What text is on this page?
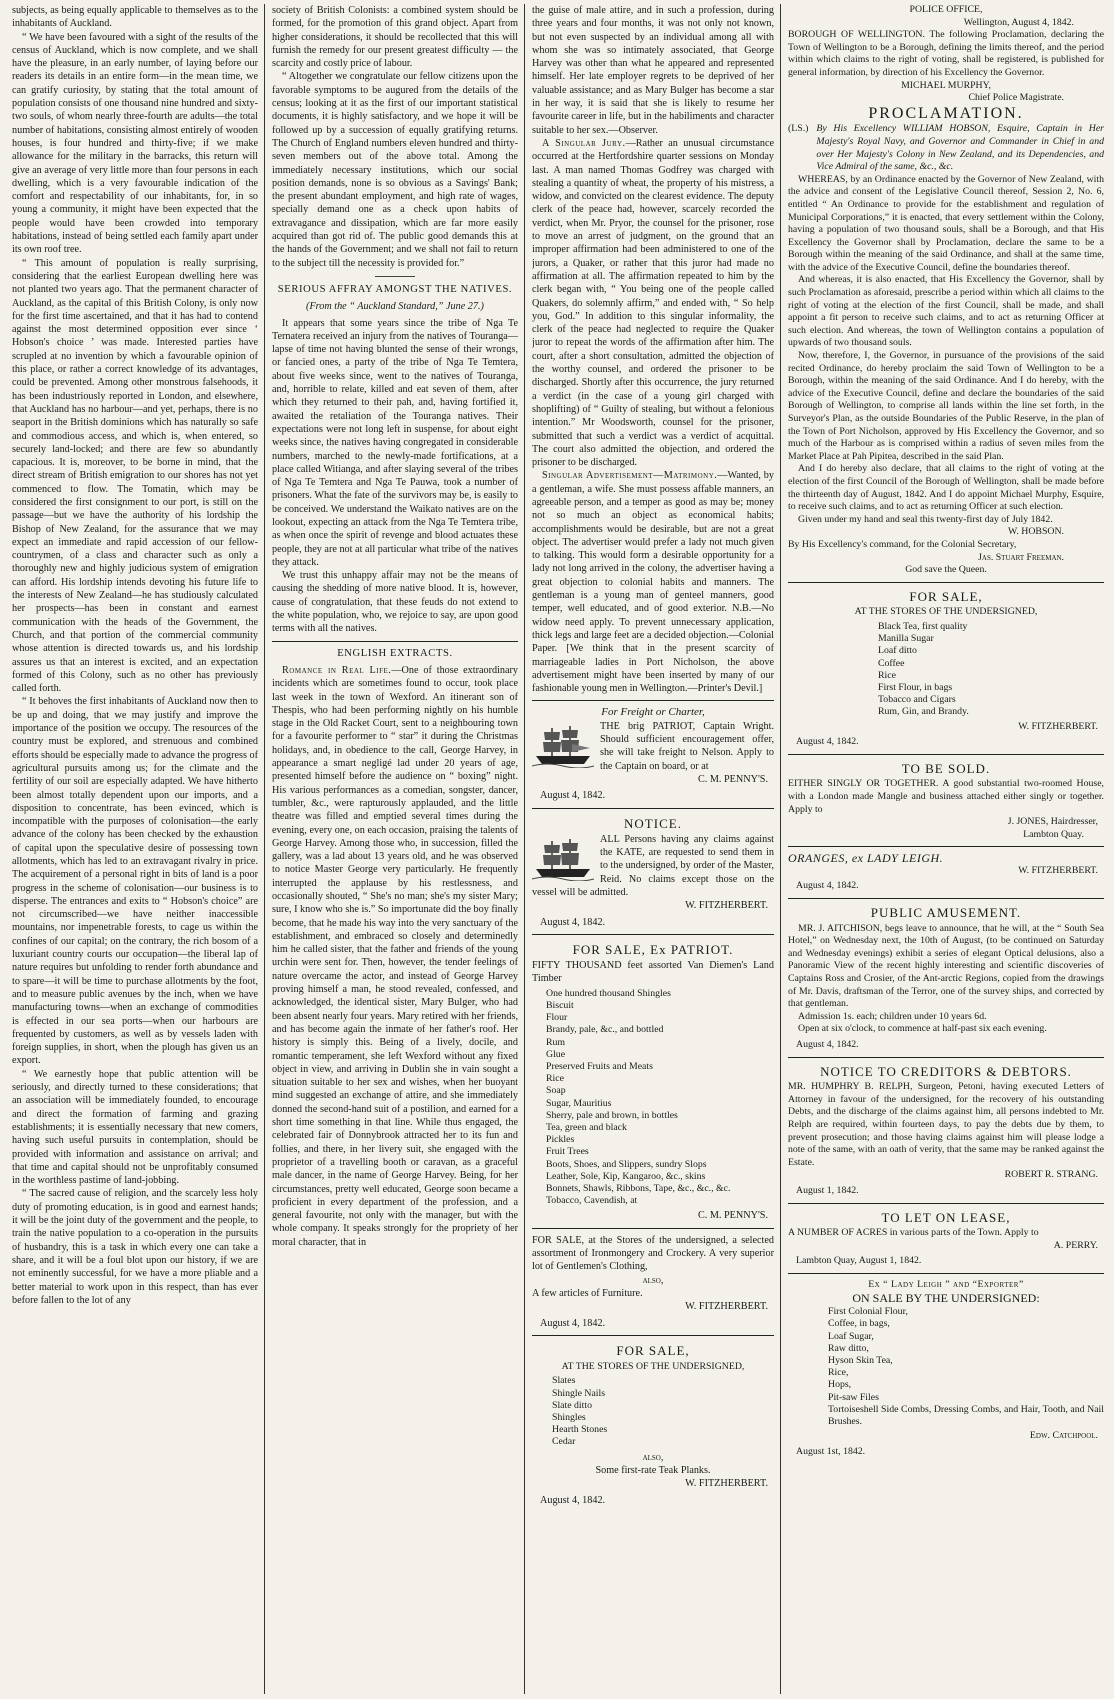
subjects, as being equally applicable to themselves as to the inhabitants of Auckland.

“ We have been favoured with a sight of the results of the census of Auckland, which is now complete, and we shall have the pleasure, in an early number, of laying before our readers its details in an entire form—in the mean time, we can gratify curiosity, by stating that the total amount of population consists of one thousand nine hundred and sixty-two souls, of whom nearly three-fourth are adults—the total number of habitations, consisting almost entirely of wooden houses, is four hundred and thirty-five; if we make allowance for the military in the barracks, this return will give an average of very little more than four persons in each dwelling, which is a very favourable indication of the comfort and respectability of our inhabitants, for, in so young a community, it might have been expected that the people would have been crowded into temporary habitations, instead of being settled each family apart under its own roof tree.

“ This amount of population is really surprising, considering that the earliest European dwelling here was not planted two years ago. That the permanent character of Auckland, as the capital of this British Colony, is only now for the first time ascertained, and that it has had to contend against the most determined opposition ever since ‘ Hobson's choice ’ was made. Interested parties have scrupled at no invention by which a favourable opinion of this place, or rather a correct knowledge of its advantages, could be prevented. Among other monstrous falsehoods, it has been industriously reported in London, and elsewhere, that Auckland has no harbour—and yet, perhaps, there is no seaport in the British dominions which has naturally so safe and commodious access, and which is, when entered, so securely land-locked; and there are few so abundantly capacious. It is, moreover, to be borne in mind, that the direct stream of British emigration to our shores has not yet commenced to flow. The Tomatin, which may be considered the first consignment to our port, is still on the passage—but we have the authority of his lordship the Bishop of New Zealand, for the assurance that we may expect an immediate and rapid accession of our fellow-countrymen, of a class and character such as only a thoroughly new and highly judicious system of emigration can afford. His lordship intends devoting his future life to the interests of New Zealand—he has studiously calculated her prospects—has been in constant and earnest communication with the heads of the Government, the Church, and that portion of the commercial community whose attention is directed towards us, and his lordship assures us that an interest is excited, and an expectation formed of this Colony, such as no other has previously called forth.

“ It behoves the first inhabitants of Auckland now then to be up and doing, that we may justify and improve the importance of the position we occupy. The resources of the country must be explored, and strenuous and combined efforts should be especially made to advance the progress of agricultural pursuits among us; for the climate and the fertility of our soil are especially adapted. We have hitherto been almost totally dependent upon our imports, and a disposition to concentrate, has been evinced, which is incompatible with the purposes of colonisation—the early advance of the colony has been checked by the exhaustion of capital upon the speculative desire of possessing town allotments, which has led to an extravagant rivalry in price. The acquirement of a personal right in bits of land is a poor progress in the scheme of colonisation—our business is to disperse. The entrances and exits to “ Hobson's choice” are not circumscribed—we have neither inaccessible mountains, nor impenetrable forests, to cage us within the confines of our capital; on the contrary, the rich bosom of a luxuriant country courts our occupation—the liberal lap of nature requires but unfolding to render forth abundance and to spare—it will be time to purchase allotments by the foot, and to measure public avenues by the inch, when we have manufacturing towns—when an exchange of commodities is effected in our sea ports—when our harbours are frequented by customers, as well as by vessels laden with foreign supplies, in short, when the plough has given us an export.

“ We earnestly hope that public attention will be seriously, and directly turned to these considerations; that an association will be immediately founded, to encourage and direct the formation of farming and grazing establishments; it is essentially necessary that new comers, having such useful pursuits in contemplation, should be provided with information and assistance on arrival; and that time and capital should not be unprofitably consumed in the worthless pastime of land-jobbing.

“ The sacred cause of religion, and the scarcely less holy duty of promoting education, is in good and earnest hands; it will be the joint duty of the government and the people, to train the native population to a co-operation in the pursuits of husbandry, this is a task in which every one can take a share, and it will be a foul blot upon our history, if we are not eminently successful, for we have a more pliable and a better material to work upon in this respect, than has ever before fallen to the lot of any

society of British Colonists: a combined system should be formed, for the promotion of this grand object. Apart from higher considerations, it should be recollected that this will furnish the remedy for our present greatest difficulty — the scarcity and costly price of labour.

“ Altogether we congratulate our fellow citizens upon the favorable symptoms to be augured from the details of the census; looking at it as the first of our important statistical documents, it is highly satisfactory, and we hope it will be followed up by a succession of equally gratifying returns. The Church of England numbers eleven hundred and thirty-seven members out of the above total. Among the immediately necessary institutions, which our social position demands, none is so obvious as a Savings' Bank; the present abundant employment, and high rate of wages, specially demand one as a check upon habits of extravagance and dissipation, which are far more easily acquired than got rid of. The public good demands this at the hands of the Government; and we shall not fail to return to the subject till the necessity is provided for.”

SERIOUS AFFRAY AMONGST THE NATIVES.
(From the “ Auckland Standard,” June 27.)

It appears that some years since the tribe of Nga Te Ternatera received an injury from the natives of Touranga—lapse of time not having blunted the sense of their wrongs, or fancied ones, a party of the tribe of Nga Te Temtera, about five weeks since, went to the natives of Touranga, and, horrible to relate, killed and eat seven of them, after which they returned to their pah, and, having fortified it, awaited the retaliation of the Touranga natives. Their expectations were not long left in suspense, for about eight weeks since, the natives having congregated in considerable numbers, marched to the newly-made fortifications, at a place called Witianga, and after slaying several of the tribes of Nga Te Temtera and Nga Te Pauwa, took a number of prisoners. What the fate of the survivors may be, is easily to be conceived. We understand the Waikato natives are on the lookout, expecting an attack from the Nga Te Temtera tribe, as when once the spirit of revenge and blood actuates these people, they are not at all particular what tribe of the natives they attack.

We trust this unhappy affair may not be the means of causing the shedding of more native blood. It is, however, cause of congratulation, that these feuds do not extend to the white population, who, we rejoice to say, are upon good terms with all the natives.

ENGLISH EXTRACTS.

Romance in Real Life.—One of those extraordinary incidents which are sometimes found to occur, took place last week in the town of Wexford. An itinerant son of Thespis, who had been performing nightly on his humble stage in the Old Racket Court, sent to a neighbouring town for a favourite performer to “ star” it during the Christmas holidays, and, in obedience to the call, George Harvey, in appearance a smart negligé lad under 20 years of age, presented himself before the audience on “ boxing” night. His various performances as a comedian, songster, dancer, tumbler, &c., were rapturously applauded, and the little theatre was filled and emptied several times during the evening, every one, on each occasion, praising the talents of George Harvey. Among those who, in succession, filled the gallery, was a lad about 13 years old, and he was observed to notice Master George very particularly. He frequently interrupted the applause by his restlessness, and occasionally shouted, “ She's no man; she's my sister Mary; sure, I know who she is.” So importunate did the boy finally become, that he made his way into the very sanctuary of the establishment, and embraced so closely and determinedly him he called sister, that the father and friends of the young urchin were sent for. Then, however, the tender feelings of nature overcame the actor, and instead of George Harvey proving himself a man, he stood revealed, confessed, and acknowledged, the identical sister, Mary Bulger, who had been absent nearly four years. Mary retired with her friends, and has become again the inmate of her father's roof. Her history is simply this. Being of a lively, docile, and romantic temperament, she left Wexford without any fixed object in view, and arriving in Dublin she in vain sought a situation suitable to her sex and wishes, when her buoyant mind suggested an exchange of attire, and she immediately donned the second-hand suit of a postilion, and earned for a short time something in that line. While thus engaged, the celebrated fair of Donnybrook attracted her to its fun and follies, and there, in her livery suit, she engaged with the proprietor of a travelling booth or caravan, as a graceful male dancer, in the name of George Harvey. Being, for her circumstances, pretty well educated, George soon became a proficient in every department of the profession, and a general favourite, not only with the manager, but with the whole company. It speaks strongly for the propriety of her moral character, that in

the guise of male attire, and in such a profession, during three years and four months, it was not only not known, but not even suspected by an individual among all with whom she was so intimately associated, that George Harvey was other than what he appeared and represented himself. Her late employer regrets to be deprived of her valuable assistance; and as Mary Bulger has become a star in her way, it is said that she is likely to resume her favourite career in life, but in the habiliments and character suitable to her sex.—Observer.

A Singular Jury.—Rather an unusual circumstance occurred at the Hertfordshire quarter sessions on Monday last. A man named Thomas Godfrey was charged with stealing a quantity of wheat, the property of his mistress, a widow, and convicted on the clearest evidence. The deputy clerk of the peace had, however, scarcely recorded the verdict, when Mr. Pryor, the counsel for the prisoner, rose to move an arrest of judgment, on the ground that an improper affirmation had been administered to one of the jurors, a Quaker, or rather that this juror had made no affirmation at all. The affirmation repeated to him by the clerk began with, “ You being one of the people called Quakers, do solemnly affirm,” and ended with, “ So help you, God.” In addition to this singular informality, the clerk of the peace had neglected to require the Quaker juror to repeat the words of the affirmation after him. The court, after a short consultation, admitted the objection of the worthy counsel, and ordered the prisoner to be discharged. Shortly after this occurrence, the jury returned a verdict (in the case of a young girl charged with shoplifting) of “ Guilty of stealing, but without a felonious intention.” Mr Woodsworth, counsel for the prisoner, submitted that such a verdict was a verdict of acquittal. The court also admitted the objection, and ordered the prisoner to be discharged.

Singular Advertisement—Matrimony.—Wanted, by a gentleman, a wife. She must possess affable manners, an agreeable person, and a temper as good as may be; money not so much an object as economical habits; accomplishments would be desirable, but are not a great object. The advertiser would prefer a lady not much given to talking. This would form a desirable opportunity for a lady not long arrived in the colony, the advertiser having a great objection to colonial habits and manners. The gentleman is a young man of genteel manners, good temper, well educated, and of good exterior. N.B.—No widow need apply. To prevent unnecessary application, thick legs and large feet are a decided objection.—Colonial Paper. [We think that in the present scarcity of marriageable ladies in Port Nicholson, the above advertisement might have been inserted by many of our fashionable young men in Wellington.—Printer's Devil.]

For Freight or Charter,

THE brig PATRIOT, Captain Wright. Should sufficient encouragement offer, she will take freight to Nelson. Apply to the Captain on board, or at

C. M. PENNY'S.
August 4, 1842.
NOTICE.

ALL Persons having any claims against the KATE, are requested to send them in to the undersigned, by order of the Master, Reid. No claims except those on the vessel will be admitted.

W. FITZHERBERT.
August 4, 1842.
FOR SALE, Ex PATRIOT.

FIFTY THOUSAND feet assorted Van Diemen's Land Timber

One hundred thousand Shingles
Biscuit
Flour
Brandy, pale, &c., and bottled
Rum
Glue
Preserved Fruits and Meats
Rice
Soap
Sugar, Mauritius
Sherry, pale and brown, in bottles
Tea, green and black
Pickles
Fruit Trees
Boots, Shoes, and Slippers, sundry Slops
Leather, Sole, Kip, Kangaroo, &c., skins
Bonnets, Shawls, Ribbons, Tape, &c., &c., &c.
Tobacco, Cavendish, at
C. M. PENNY'S.

FOR SALE, at the Stores of the undersigned, a selected assortment of Ironmongery and Crockery. A very superior lot of Gentlemen's Clothing,

also,

A few articles of Furniture.

W. FITZHERBERT.
August 4, 1842.
FOR SALE,
AT THE STORES OF THE UNDERSIGNED,
Slates
Shingle Nails
Slate ditto
Shingles
Hearth Stones
Cedar
also,
Some first-rate Teak Planks.
W. FITZHERBERT.
August 4, 1842.
POLICE OFFICE,
Wellington, August 4, 1842.

BOROUGH OF WELLINGTON. The following Proclamation, declaring the Town of Wellington to be a Borough, defining the limits thereof, and the period within which claims to the right of voting, shall be registered, is published for general information, by direction of his Excellency the Governor.

MICHAEL MURPHY,
Chief Police Magistrate.
PROCLAMATION.
(LS.) By His Excellency WILLIAM HOBSON, Esquire, Captain in Her Majesty's Royal Navy, and Governor and Commander in Chief in and over Her Majesty's Colony in New Zealand, and its Dependencies, and Vice Admiral of the same, &c., &c.

WHEREAS, by an Ordinance enacted by the Governor of New Zealand, with the advice and consent of the Legislative Council thereof, Session 2, No. 6, entitled “ An Ordinance to provide for the establishment and regulation of Municipal Corporations,” it is enacted, that every settlement within the Colony, having a population of two thousand souls, shall be a Borough, and that His Excellency the Governor shall by Proclamation, declare the same to be a Borough within the meaning of the said Ordinance, and shall at the same time, with the advice of the Executive Council, define the boundaries thereof.

And whereas, it is also enacted, that His Excellency the Governor, shall by such Proclamation as aforesaid, prescribe a period within which all claims to the right of voting at the election of the first Council, shall be made, and shall appoint a fit person to receive such claims, and to act as returning Officer at such election. And whereas, the town of Wellington contains a population of upwards of two thousand souls.

Now, therefore, I, the Governor, in pursuance of the provisions of the said recited Ordinance, do hereby proclaim the said Town of Wellington to be a Borough, within the meaning of the said Ordinance. And I do hereby, with the advice of the Executive Council, define and declare the boundaries of the said Borough of Wellington, to comprise all lands within the line set forth, in the Surveyor's Plan, as the outside Boundaries of the Public Reserve, in the plan of the Town of Port Nicholson, approved by His Excellency the Governor, and so much of the Harbour as is comprised within a radius of seven miles from the Market Place at Pah Pipitea, described in the said Plan.

And I do hereby also declare, that all claims to the right of voting at the election of the first Council of the Borough of Wellington, shall be made before the thirteenth day of August, 1842. And I do appoint Michael Murphy, Esquire, to receive such claims, and to act as returning Officer at such election.

Given under my hand and seal this twenty-first day of July 1842.

W. HOBSON.

By His Excellency's command, for the Colonial Secretary,

Jas. Stuart Freeman.
God save the Queen.
FOR SALE,
AT THE STORES OF THE UNDERSIGNED,
Black Tea, first quality
Manilla Sugar
Loaf ditto
Coffee
Rice
First Flour, in bags
Tobacco and Cigars
Rum, Gin, and Brandy.
W. FITZHERBERT.
August 4, 1842.
TO BE SOLD.

EITHER SINGLY OR TOGETHER. A good substantial two-roomed House, with a London made Mangle and business attached either singly or together. Apply to

J. JONES, Hairdresser,
Lambton Quay.
ORANGES, ex LADY LEIGH.
W. FITZHERBERT.
August 4, 1842.
PUBLIC AMUSEMENT.

MR. J. AITCHISON, begs leave to announce, that he will, at the “ South Sea Hotel,” on Wednesday next, the 10th of August, (to be continued on Saturday and Wednesday evenings) exhibit a series of elegant Optical delusions, also a Panoramic View of the recent highly interesting and scientific discoveries of Captains Ross and Crosier, of the Ant-arctic Regions, copied from the drawings of Mr. Davis, draftsman of the Terror, one of the survey ships, and corrected by that gentleman.

Admission 1s. each; children under 10 years 6d.

Open at six o'clock, to commence at half-past six each evening.

August 4, 1842.
NOTICE TO CREDITORS & DEBTORS.

MR. HUMPHRY B. RELPH, Surgeon, Petoni, having executed Letters of Attorney in favour of the undersigned, for the recovery of his outstanding Debts, and the discharge of the claims against him, all persons indebted to Mr. Relph are required, within fourteen days, to pay the debts due by them, to prevent prosecution; and those having claims against him will please lodge a note of the same, with an oath of verity, that the same may be ranked against the Estate.

ROBERT R. STRANG.
August 1, 1842.
TO LET ON LEASE,

A NUMBER OF ACRES in various parts of the Town. Apply to

A. PERRY.
Lambton Quay, August 1, 1842.
Ex “ Lady Leigh ” and “Exporter”
ON SALE BY THE UNDERSIGNED:
First Colonial Flour,
Coffee, in bags,
Loaf Sugar,
Raw ditto,
Hyson Skin Tea,
Rice,
Hops,
Pit-saw Files
Tortoiseshell Side Combs, Dressing Combs, and Hair, Tooth, and Nail Brushes.
Edw. Catchpool.
August 1st, 1842.
